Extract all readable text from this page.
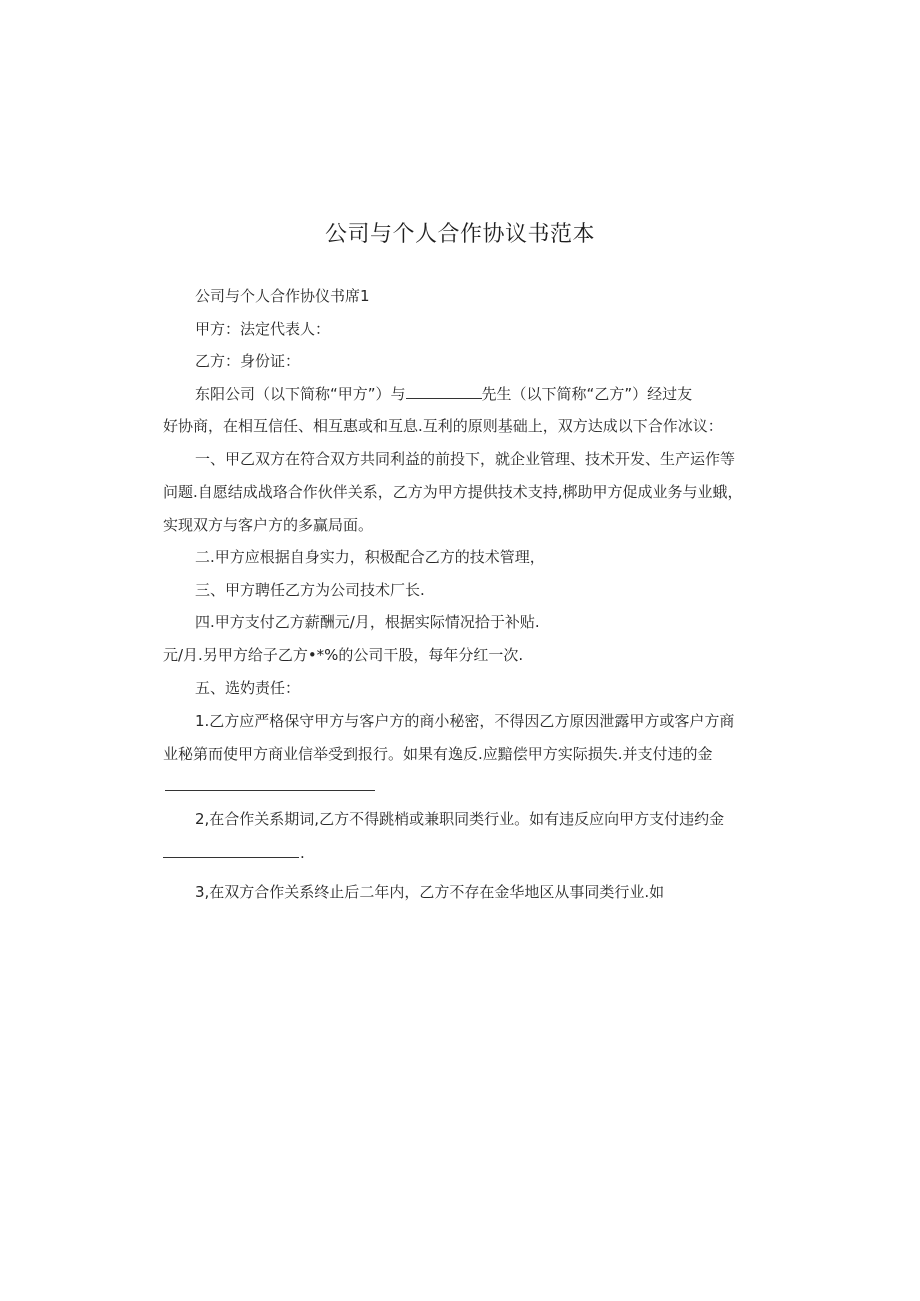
公司与个人合作协议书范本
公司与个人合作协仪书席1
甲方：法定代表人：
乙方：身份证：
东阳公司（以下简称“甲方”）与	先生（以下简称“乙方”）经过友
好协商，在相互信任、相互惠或和互息.互利的原则基础上，双方达成以下合作冰议：
一、甲乙双方在符合双方共同利益的前投下，就企业管理、技术开发、生产运作等
问题.自愿结成战珞合作伙伴关系，乙方为甲方提供技术支持,梆助甲方促成业务与业蛾，
实现双方与客户方的多赢局面。
二.甲方应根据自身实力，积极配合乙方的技术管理，
三、甲方聘任乙方为公司技术厂长.
四.甲方支付乙方薪酬元/月，根据实际情况拾于补贴.
元/月.另甲方给子乙方•*%的公司干股，每年分红一次.
五、选妁责任：
1.乙方应严格保守甲方与客户方的商小秘密，不得因乙方原因泄露甲方或客户方商
业秘第而使甲方商业信举受到报行。如果有逸反.应黯偿甲方实际损失.并支付违的金
2,在合作关系期词,乙方不得跳梢或兼职同类行业。如有违反应向甲方支付违约金
.
3,在双方合作关系终止后二年内，乙方不存在金华地区从事同类行业.如
